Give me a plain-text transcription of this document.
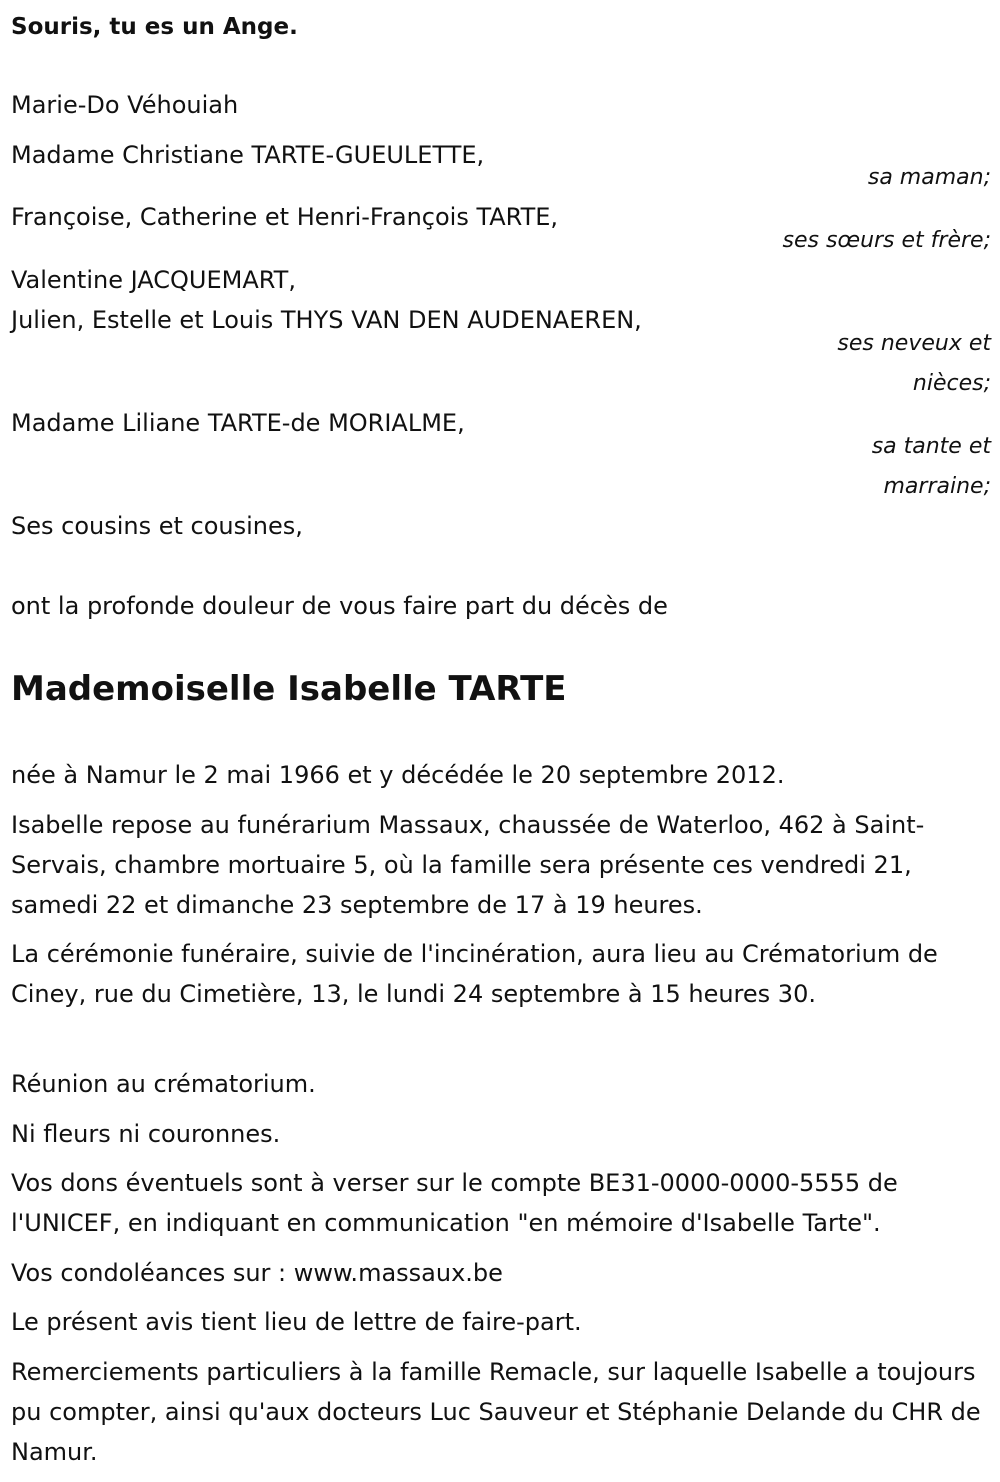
Souris, tu es un Ange.
Marie-Do Véhouiah
Madame Christiane TARTE-GUEULETTE,
sa maman;
Françoise, Catherine et Henri-François TARTE,
ses sœurs et frère;
Valentine JACQUEMART,
Julien, Estelle et Louis THYS VAN DEN AUDENAEREN,
ses neveux et nièces;
Madame Liliane TARTE-de MORIALME,
sa tante et marraine;
Ses cousins et cousines,
ont la profonde douleur de vous faire part du décès de
Mademoiselle Isabelle TARTE
née à Namur le 2 mai 1966 et y décédée le 20 septembre 2012.
Isabelle repose au funérarium Massaux, chaussée de Waterloo, 462 à Saint-Servais, chambre mortuaire 5, où la famille sera présente ces vendredi 21, samedi 22 et dimanche 23 septembre de 17 à 19 heures.
La cérémonie funéraire, suivie de l'incinération, aura lieu au Crématorium de Ciney, rue du Cimetière, 13, le lundi 24 septembre à 15 heures 30.
Réunion au crématorium.
Ni fleurs ni couronnes.
Vos dons éventuels sont à verser sur le compte BE31-0000-0000-5555 de l'UNICEF, en indiquant en communication "en mémoire d'Isabelle Tarte".
Vos condoléances sur : www.massaux.be
Le présent avis tient lieu de lettre de faire-part.
Remerciements particuliers à la famille Remacle, sur laquelle Isabelle a toujours pu compter, ainsi qu'aux docteurs Luc Sauveur et Stéphanie Delande du CHR de Namur.
